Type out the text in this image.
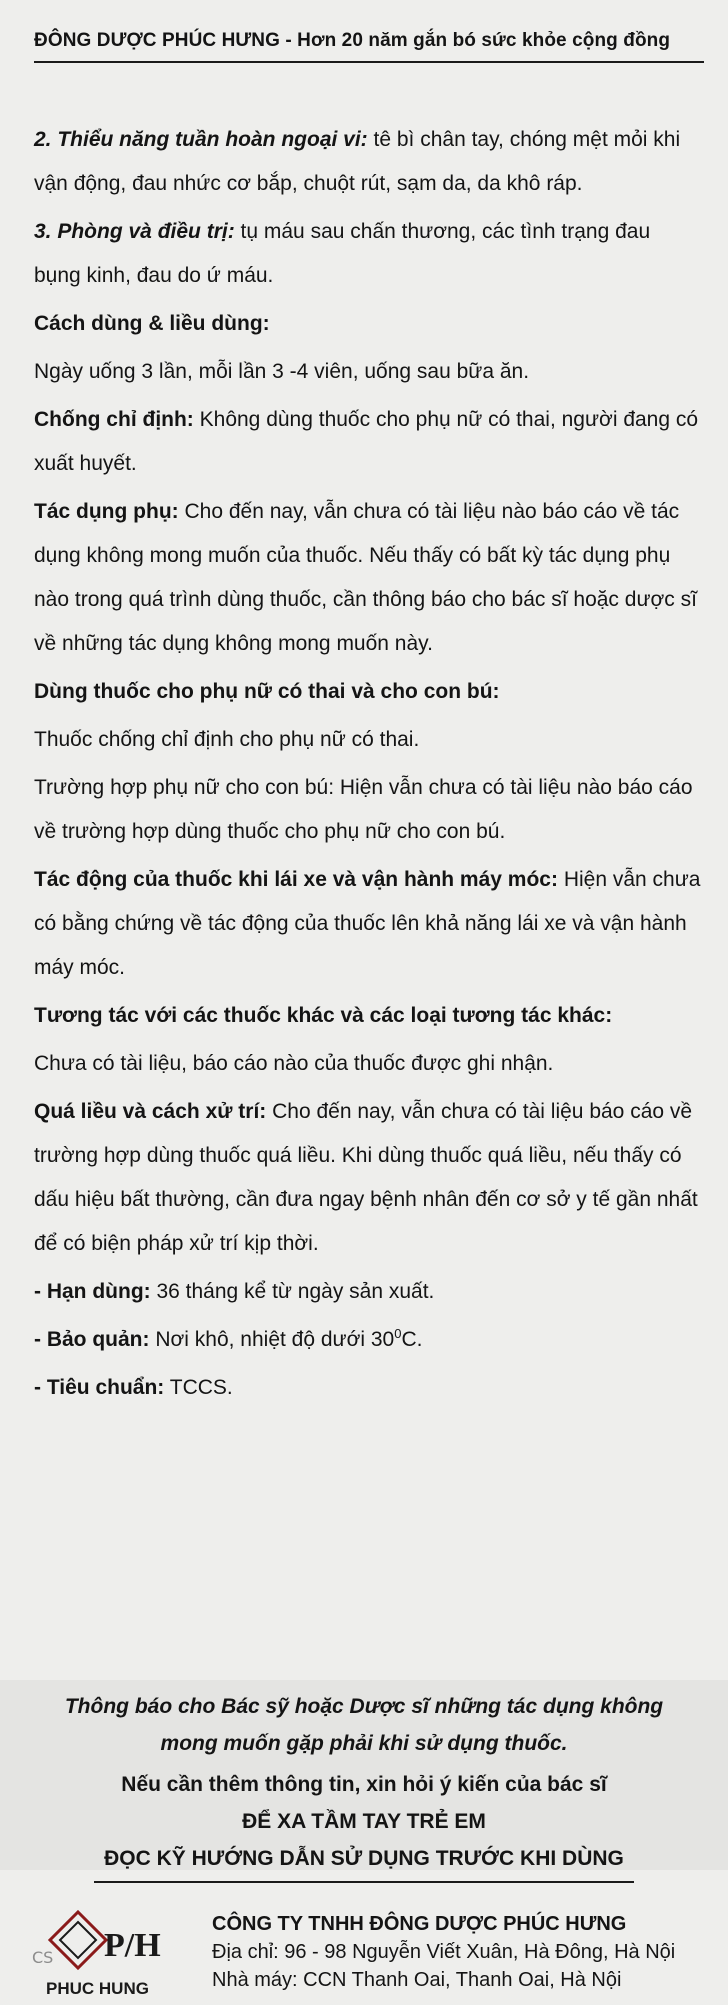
ĐÔNG DƯỢC PHÚC HƯNG - Hơn 20 năm gắn bó sức khỏe cộng đồng

2. Thiểu năng tuần hoàn ngoại vi: tê bì chân tay, chóng mệt mỏi khi vận động, đau nhức cơ bắp, chuột rút, sạm da, da khô ráp.

3. Phòng và điều trị: tụ máu sau chấn thương, các tình trạng đau bụng kinh, đau do ứ máu.

Cách dùng & liều dùng:

Ngày uống 3 lần, mỗi lần 3 -4 viên, uống sau bữa ăn.

Chống chỉ định: Không dùng thuốc cho phụ nữ có thai, người đang có xuất huyết.

Tác dụng phụ: Cho đến nay, vẫn chưa có tài liệu nào báo cáo về tác dụng không mong muốn của thuốc. Nếu thấy có bất kỳ tác dụng phụ nào trong quá trình dùng thuốc, cần thông báo cho bác sĩ hoặc dược sĩ về những tác dụng không mong muốn này.

Dùng thuốc cho phụ nữ có thai và cho con bú:

Thuốc chống chỉ định cho phụ nữ có thai.

Trường hợp phụ nữ cho con bú: Hiện vẫn chưa có tài liệu nào báo cáo về trường hợp dùng thuốc cho phụ nữ cho con bú.

Tác động của thuốc khi lái xe và vận hành máy móc: Hiện vẫn chưa có bằng chứng về tác động của thuốc lên khả năng lái xe và vận hành máy móc.

Tương tác với các thuốc khác và các loại tương tác khác:

Chưa có tài liệu, báo cáo nào của thuốc được ghi nhận.

Quá liều và cách xử trí: Cho đến nay, vẫn chưa có tài liệu báo cáo về trường hợp dùng thuốc quá liều. Khi dùng thuốc quá liều, nếu thấy có dấu hiệu bất thường, cần đưa ngay bệnh nhân đến cơ sở y tế gần nhất để có biện pháp xử trí kịp thời.

- Hạn dùng: 36 tháng kể từ ngày sản xuất.

- Bảo quản: Nơi khô, nhiệt độ dưới $30^0C$.

- Tiêu chuẩn: TCCS.

Thông báo cho Bác sỹ hoặc Dược sĩ những tác dụng không
mong muốn gặp phải khi sử dụng thuốc.
Nếu cần thêm thông tin, xin hỏi ý kiến của bác sĩ
ĐỂ XA TẦM TAY TRẺ EM
ĐỌC KỸ HƯỚNG DẪN SỬ DỤNG TRƯỚC KHI DÙNG
P/H
PHUC HUNG
CS
CÔNG TY TNHH ĐÔNG DƯỢC PHÚC HƯNG
Địa chỉ: 96 - 98 Nguyễn Viết Xuân, Hà Đông, Hà Nội
Nhà máy: CCN Thanh Oai, Thanh Oai, Hà Nội
